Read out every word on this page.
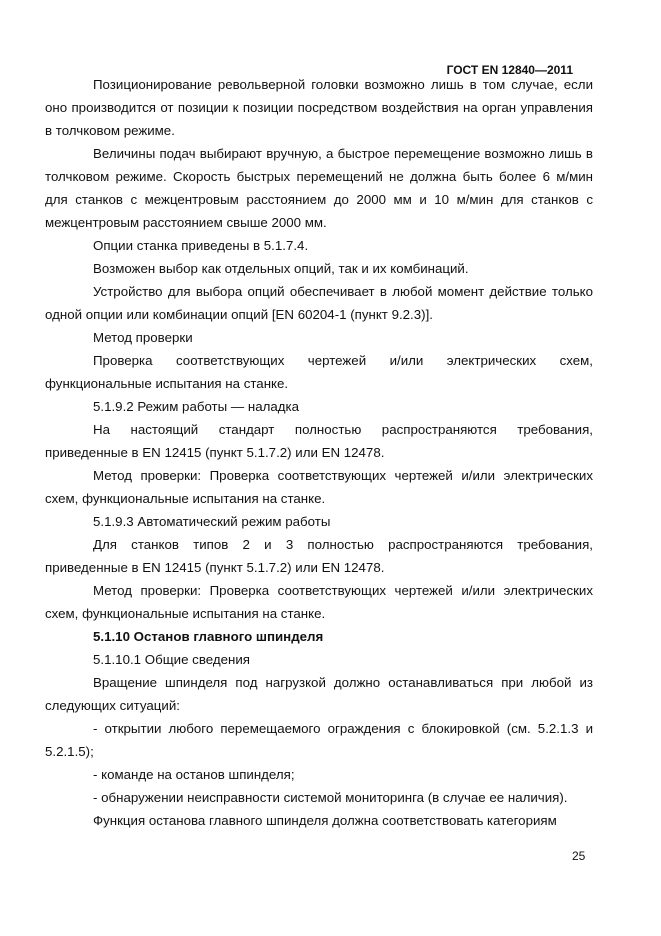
ГОСТ EN 12840—2011

Позиционирование револьверной головки возможно лишь в том случае, если оно производится от позиции к позиции посредством воздействия на орган управления в толчковом режиме.

Величины подач выбирают вручную, а быстрое перемещение возможно лишь в толчковом режиме. Скорость быстрых перемещений не должна быть более 6 м/мин для станков с межцентровым расстоянием до 2000 мм и 10 м/мин для станков с межцентровым расстоянием свыше 2000 мм.

Опции станка приведены в 5.1.7.4.

Возможен выбор как отдельных опций, так и их комбинаций.

Устройство для выбора опций обеспечивает в любой момент действие только одной опции или комбинации опций [EN 60204-1 (пункт 9.2.3)].

Метод проверки

Проверка соответствующих чертежей и/или электрических схем, функциональные испытания на станке.

5.1.9.2 Режим работы — наладка

На настоящий стандарт полностью распространяются требования, приведенные в EN 12415 (пункт 5.1.7.2) или EN 12478.

Метод проверки: Проверка соответствующих чертежей и/или электрических схем, функциональные испытания на станке.

5.1.9.3 Автоматический режим работы

Для станков типов 2 и 3 полностью распространяются требования, приведенные в EN 12415 (пункт 5.1.7.2) или EN 12478.

Метод проверки: Проверка соответствующих чертежей и/или электрических схем, функциональные испытания на станке.

5.1.10 Останов главного шпинделя

5.1.10.1 Общие сведения

Вращение шпинделя под нагрузкой должно останавливаться при любой из следующих ситуаций:

- открытии любого перемещаемого ограждения с блокировкой (см. 5.2.1.3 и 5.2.1.5);

- команде на останов шпинделя;

- обнаружении неисправности системой мониторинга (в случае ее наличия).

Функция останова главного шпинделя должна соответствовать категориям

25
